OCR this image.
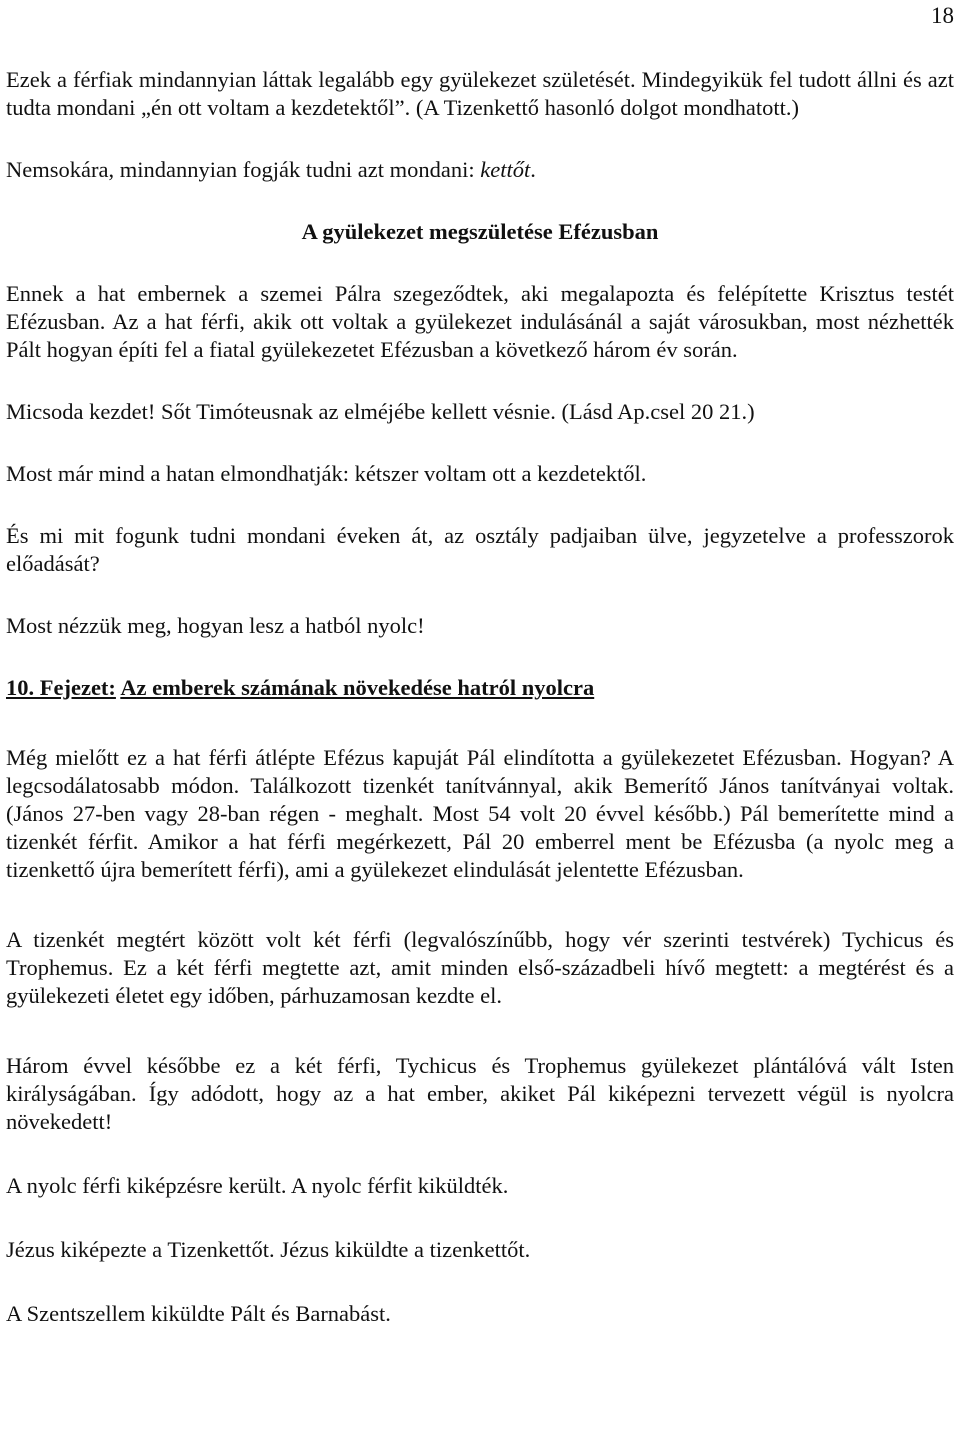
18

Ezek a férfiak mindannyian láttak legalább egy gyülekezet születését. Mindegyikük fel tudott állni és azt tudta mondani „én ott voltam a kezdetektől”. (A Tizenkettő hasonló dolgot mondhatott.)

Nemsokára, mindannyian fogják tudni azt mondani: kettőt.

A gyülekezet megszületése Efézusban

Ennek a hat embernek a szemei Pálra szegeződtek, aki megalapozta és felépítette Krisztus testét Efézusban. Az a hat férfi, akik ott voltak a gyülekezet indulásánál a saját városukban, most nézhették Pált hogyan építi fel a fiatal gyülekezetet Efézusban a következő három év során.

Micsoda kezdet! Sőt Timóteusnak az elméjébe kellett vésnie. (Lásd Ap.csel 20 21.)

Most már mind a hatan elmondhatják: kétszer voltam ott a kezdetektől.

És mi mit fogunk tudni mondani éveken át, az osztály padjaiban ülve, jegyzetelve a professzorok előadását?

Most nézzük meg, hogyan lesz a hatból nyolc!

10. Fejezet: Az emberek számának növekedése hatról nyolcra

Még mielőtt ez a hat férfi átlépte Efézus kapuját Pál elindította a gyülekezetet Efézusban. Hogyan? A legcsodálatosabb módon. Találkozott tizenkét tanítvánnyal, akik Bemerítő János tanítványai voltak. (János 27-ben vagy 28-ban régen - meghalt. Most 54 volt 20 évvel később.) Pál bemerítette mind a tizenkét férfit. Amikor a hat férfi megérkezett, Pál 20 emberrel ment be Efézusba (a nyolc meg a tizenkettő újra bemerített férfi), ami a gyülekezet elindulását jelentette Efézusban.

A tizenkét megtért között volt két férfi (legvalószínűbb, hogy vér szerinti testvérek) Tychicus és Trophemus. Ez a két férfi megtette azt, amit minden első-századbeli hívő megtett: a megtérést és a gyülekezeti életet egy időben, párhuzamosan kezdte el.

Három évvel későbbe ez a két férfi, Tychicus és Trophemus gyülekezet plántálóvá vált Isten királyságában. Így adódott, hogy az a hat ember, akiket Pál kiképezni tervezett végül is nyolcra növekedett!

A nyolc férfi kiképzésre került. A nyolc férfit kiküldték.

Jézus kiképezte a Tizenkettőt. Jézus kiküldte a tizenkettőt.

A Szentszellem kiküldte Pált és Barnabást.
